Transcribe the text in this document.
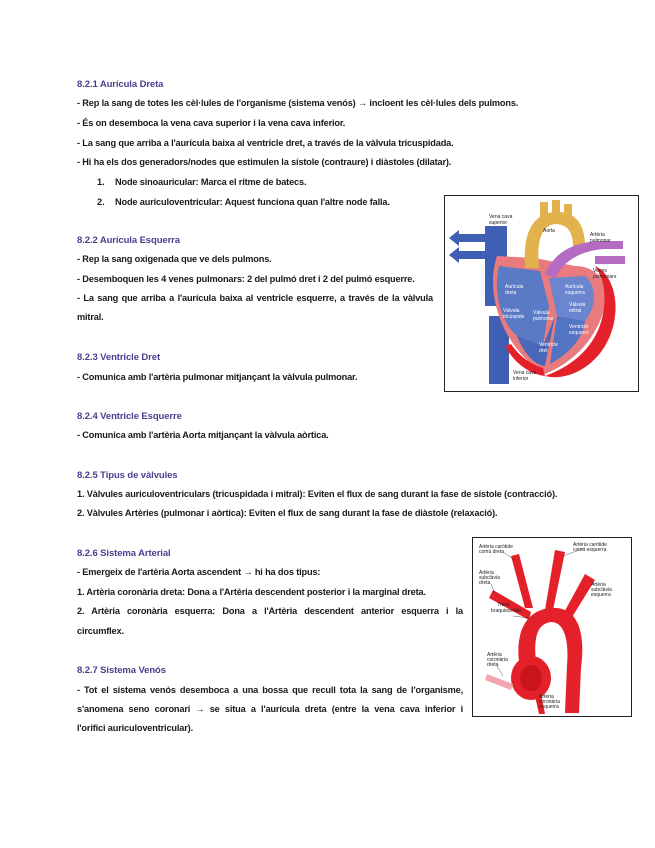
8.2.1 Aurícula Dreta
- Rep la sang de totes les cèl·lules de l'organisme (sistema venós) → incloent les cèl·lules dels pulmons.
- És on desemboca la vena cava superior i la vena cava inferior.
- La sang que arriba a l'aurícula baixa al ventricle dret, a través de la vàlvula tricuspidada.
- Hi ha els dos generadors/nodes que estimulen la sístole (contraure) i diàstoles (dilatar).
1. Node sinoauricular: Marca el ritme de batecs.
2. Node auriculoventricular: Aquest funciona quan l'altre node falla.
8.2.2 Aurícula Esquerra
- Rep la sang oxigenada que ve dels pulmons.
- Desemboquen les 4 venes pulmonars: 2 del pulmó dret i 2 del pulmó esquerre.
- La sang que arriba a l'aurícula baixa al ventricle esquerre, a través de la vàlvula
mitral.
8.2.3 Ventricle Dret
- Comunica amb l'artèria pulmonar mitjançant la vàlvula pulmonar.
8.2.4 Ventricle Esquerre
- Comunica amb l'artèria Aorta mitjançant la vàlvula aòrtica.
8.2.5 Tipus de vàlvules
1. Vàlvules auriculoventriculars (tricuspidada i mitral): Eviten el flux de sang durant la fase de sístole (contracció).
2. Vàlvules Artèries (pulmonar i aòrtica): Eviten el flux de sang durant la fase de diàstole (relaxació).
8.2.6 Sistema Arterial
- Emergeix de l'artèria Aorta ascendent → hi ha dos tipus:
1. Artèria coronària dreta: Dona a l'Artèria descendent posterior i la marginal dreta.
2. Artèria coronària esquerra: Dona a l'Artèria descendent anterior esquerra i la
circumflex.
8.2.7 Sistema Venós
- Tot el sistema venós desemboca a una bossa que recull tota la sang de l'organisme,
s'anomena seno coronari → se situa a l'aurícula dreta (entre la vena cava inferior i
l'orifici auriculoventricular).
Vena cava
superior
Aorta
Artèria
pulmonar
Venes
pulmonars
Aurícula
esquerra
Aurícula
dreta
Vàlvula
mitral
Vàlvula
tricúspide
Vàlvula
pulmonar
Ventricle
esquerre
Ventricle
dret
Vena cava
inferior
Artèria caròtide
comú dreta
Artèria caròtide
comú esquerra
Artèria
subclàvia
dreta	Artèria
subclàvia
esquerra
Tronc
braquiocefàlic
Artèria
coronària
dreta
Artèria
coronària
esquerra
